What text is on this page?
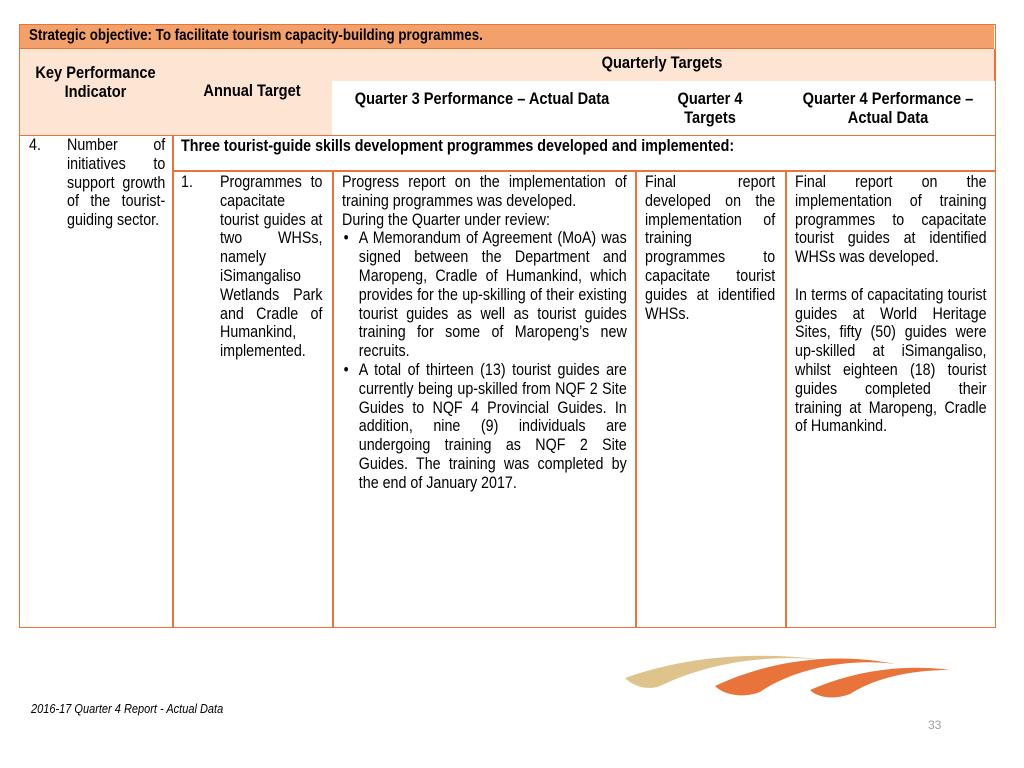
Strategic objective: To facilitate tourism capacity-building programmes.
Key Performance Indicator	Annual Target
Quarterly Targets
Quarter 3 Performance – Actual Data	Quarter 4 Targets
Quarter 4 Performance – Actual Data
4. Number of initiatives to support growth of the tourist-guiding sector.
Three tourist-guide skills development programmes developed and implemented:
1. Programmes to capacitate tourist guides at two WHSs, namely iSimangaliso Wetlands Park and Cradle of Humankind, implemented.
Progress report on the implementation of training programmes was developed.
During the Quarter under review:
• A Memorandum of Agreement (MoA) was signed between the Department and Maropeng, Cradle of Humankind, which provides for the up-skilling of their existing tourist guides as well as tourist guides training for some of Maropeng’s new recruits.
• A total of thirteen (13) tourist guides are currently being up-skilled from NQF 2 Site Guides to NQF 4 Provincial Guides. In addition, nine (9) individuals are undergoing training as NQF 2 Site Guides. The training was completed by the end of January 2017.
Final report developed on the implementation of training programmes to capacitate tourist guides at identified WHSs.
Final report on the implementation of training programmes to capacitate tourist guides at identified WHSs was developed.
In terms of capacitating tourist guides at World Heritage Sites, fifty (50) guides were up-skilled at iSimangaliso, whilst eighteen (18) tourist guides completed their training at Maropeng, Cradle of Humankind.
2016-17 Quarter 4 Report - Actual Data
33
